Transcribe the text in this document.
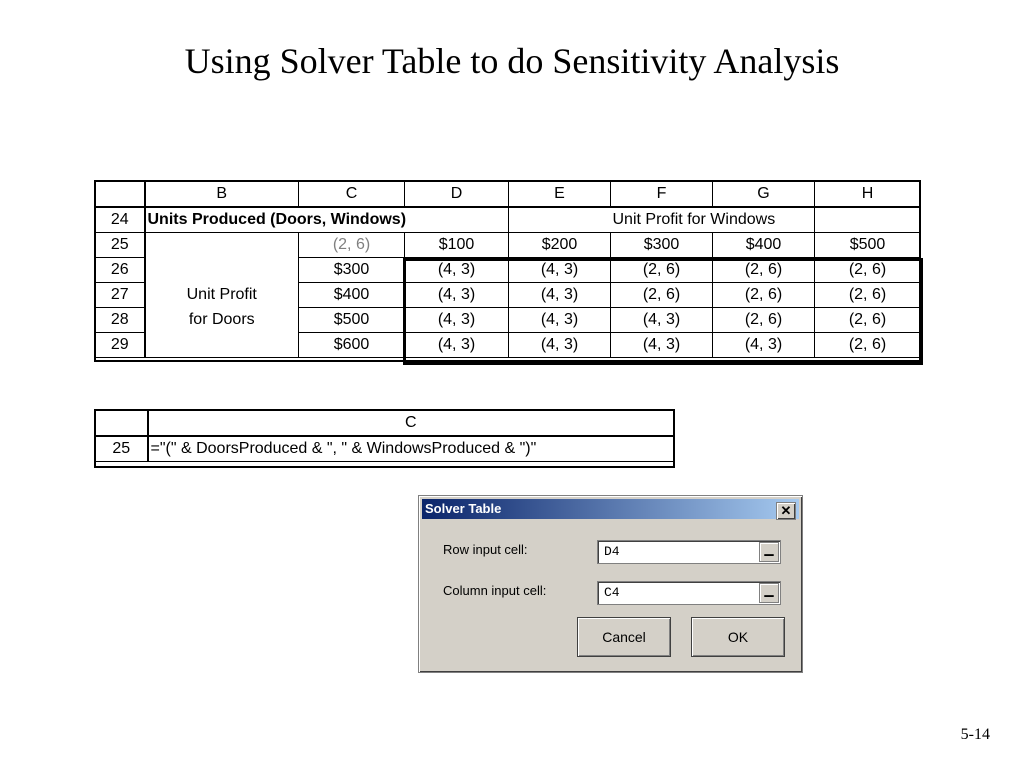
Using Solver Table to do Sensitivity Analysis
	B	C	D	E	F	G	H
24	Units Produced (Doors, Windows)				Unit Profit for Windows		
25		(2, 6)	$100	$200	$300	$400	$500
26		$300	(4, 3)	(4, 3)	(2, 6)	(2, 6)	(2, 6)
27	Unit Profit	$400	(4, 3)	(4, 3)	(2, 6)	(2, 6)	(2, 6)
28	for Doors	$500	(4, 3)	(4, 3)	(4, 3)	(2, 6)	(2, 6)
29		$600	(4, 3)	(4, 3)	(4, 3)	(4, 3)	(2, 6)
	C
25	="(" & DoorsProduced & ", " & WindowsProduced & ")"
Solver Table	✕
Row input cell:
D4	▁
Column input cell:
C4	▁
Cancel	OK
5-14
